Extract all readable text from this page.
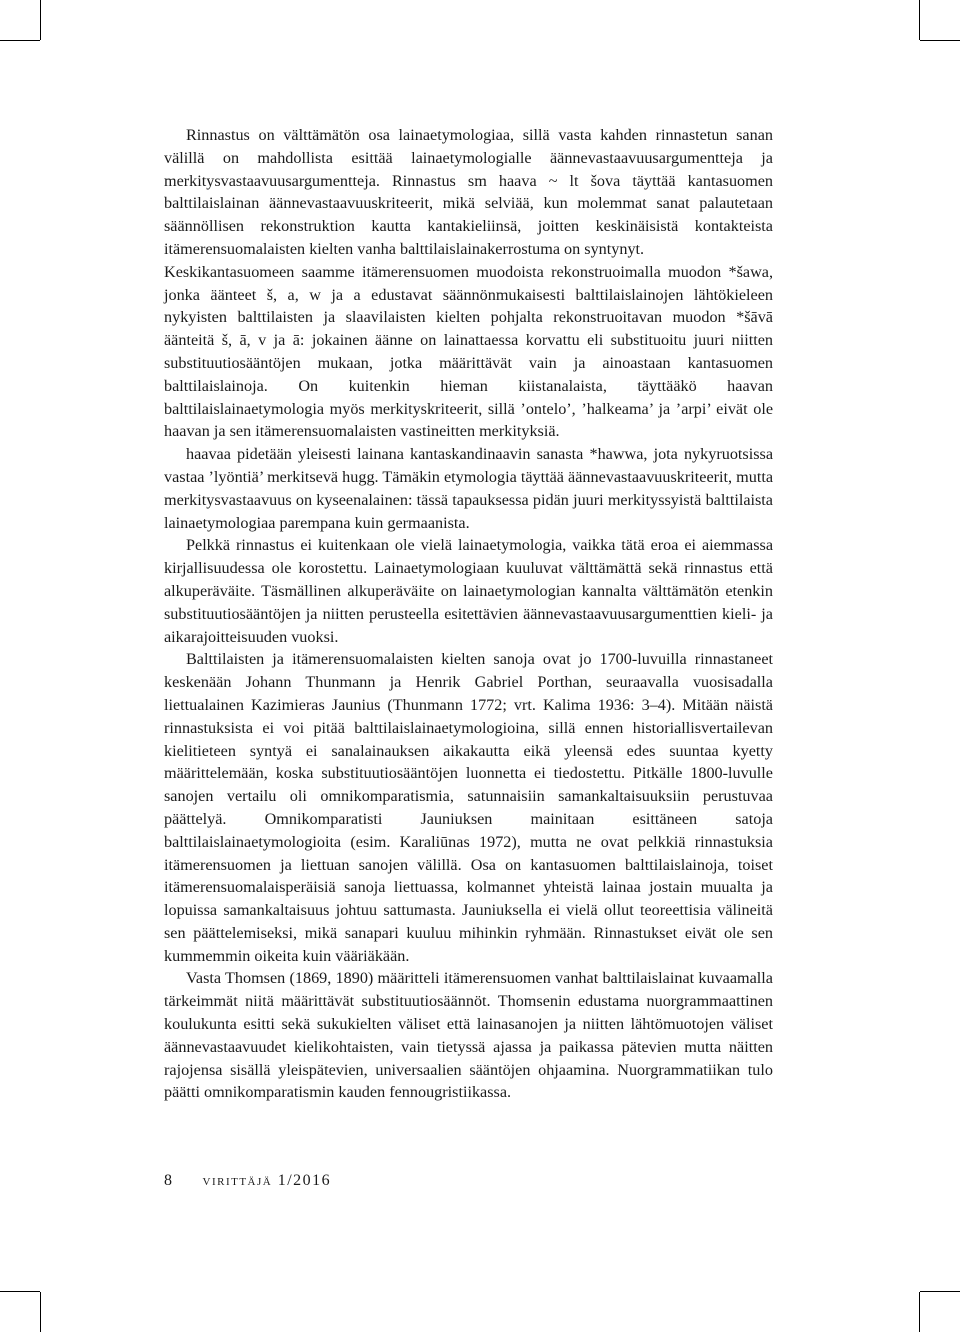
Rinnastus on välttämätön osa lainaetymologiaa, sillä vasta kahden rinnastetun sanan välillä on mahdollista esittää lainaetymologialle äännevastaavuusargumentteja ja merkitysvastaavuusargumentteja. Rinnastus sm haava ~ lt šova täyttää kantasuomen balttilaislainan äännevastaavuuskriteerit, mikä selviää, kun molemmat sanat palautetaan säännöllisen rekonstruktion kautta kantakieliinsä, joitten keskinäisistä kontakteista itämerensuomalaisten kielten vanha balttilaislainakerrostuma on syntynyt.

Keskikantasuomeen saamme itämerensuomen muodoista rekonstruoimalla muodon *šawa, jonka äänteet š, a, w ja a edustavat säännönmukaisesti balttilaislainojen lähtökieleen nykyisten balttilaisten ja slaavilaisten kielten pohjalta rekonstruoitavan muodon *šāvā äänteitä š, ā, v ja ā: jokainen äänne on lainattaessa korvattu eli substituoitu juuri niitten substituutiosääntöjen mukaan, jotka määrittävät vain ja ainoastaan kantasuomen balttilaislainoja. On kuitenkin hieman kiistanalaista, täyttääkö haavan balttilaislainaetymologia myös merkityskriteerit, sillä ’ontelo’, ’halkeama’ ja ’arpi’ eivät ole haavan ja sen itämerensuomalaisten vastineitten merkityksiä.

haavaa pidetään yleisesti lainana kantaskandinaavin sanasta *hawwa, jota nykyruotsissa vastaa ’lyöntiä’ merkitsevä hugg. Tämäkin etymologia täyttää äännevastaavuuskriteerit, mutta merkitysvastaavuus on kyseenalainen: tässä tapauksessa pidän juuri merkityssyistä balttilaista lainaetymologiaa parempana kuin germaanista.

Pelkkä rinnastus ei kuitenkaan ole vielä lainaetymologia, vaikka tätä eroa ei aiemmassa kirjallisuudessa ole korostettu. Lainaetymologiaan kuuluvat välttämättä sekä rinnastus että alkuperäväite. Täsmällinen alkuperäväite on lainaetymologian kannalta välttämätön etenkin substituutiosääntöjen ja niitten perusteella esitettävien äännevastaavuusargumenttien kieli- ja aikarajoitteisuuden vuoksi.

Balttilaisten ja itämerensuomalaisten kielten sanoja ovat jo 1700-luvuilla rinnastaneet keskenään Johann Thunmann ja Henrik Gabriel Porthan, seuraavalla vuosisadalla liettualainen Kazimieras Jaunius (Thunmann 1772; vrt. Kalima 1936: 3–4). Mitään näistä rinnastuksista ei voi pitää balttilaislainaetymologioina, sillä ennen historiallisvertailevan kielitieteen syntyä ei sanalainauksen aikakautta eikä yleensä edes suuntaa kyetty määrittelemään, koska substituutiosääntöjen luonnetta ei tiedostettu. Pitkälle 1800-luvulle sanojen vertailu oli omnikomparatismia, satunnaisiin samankaltaisuuksiin perustuvaa päättelyä. Omnikomparatisti Jauniuksen mainitaan esittäneen satoja balttilaislainaetymologioita (esim. Karaliūnas 1972), mutta ne ovat pelkkiä rinnastuksia itämerensuomen ja liettuan sanojen välillä. Osa on kantasuomen balttilaislainoja, toiset itämerensuomalaisperäisiä sanoja liettuassa, kolmannet yhteistä lainaa jostain muualta ja lopuissa samankaltaisuus johtuu sattumasta. Jauniuksella ei vielä ollut teoreettisia välineitä sen päättelemiseksi, mikä sanapari kuuluu mihinkin ryhmään. Rinnastukset eivät ole sen kummemmin oikeita kuin vääriäkään.

Vasta Thomsen (1869, 1890) määritteli itämerensuomen vanhat balttilaislainat kuvaamalla tärkeimmät niitä määrittävät substituutiosäännöt. Thomsenin edustama nuorgrammaattinen koulukunta esitti sekä sukukielten väliset että lainasanojen ja niitten lähtömuotojen väliset äännevastaavuudet kielikohtaisten, vain tietyssä ajassa ja paikassa pätevien mutta näitten rajojensa sisällä yleispätevien, universaalien sääntöjen ohjaamina. Nuorgrammatiikan tulo päätti omnikomparatismin kauden fennougristiikassa.

8 virittäjä 1/2016
